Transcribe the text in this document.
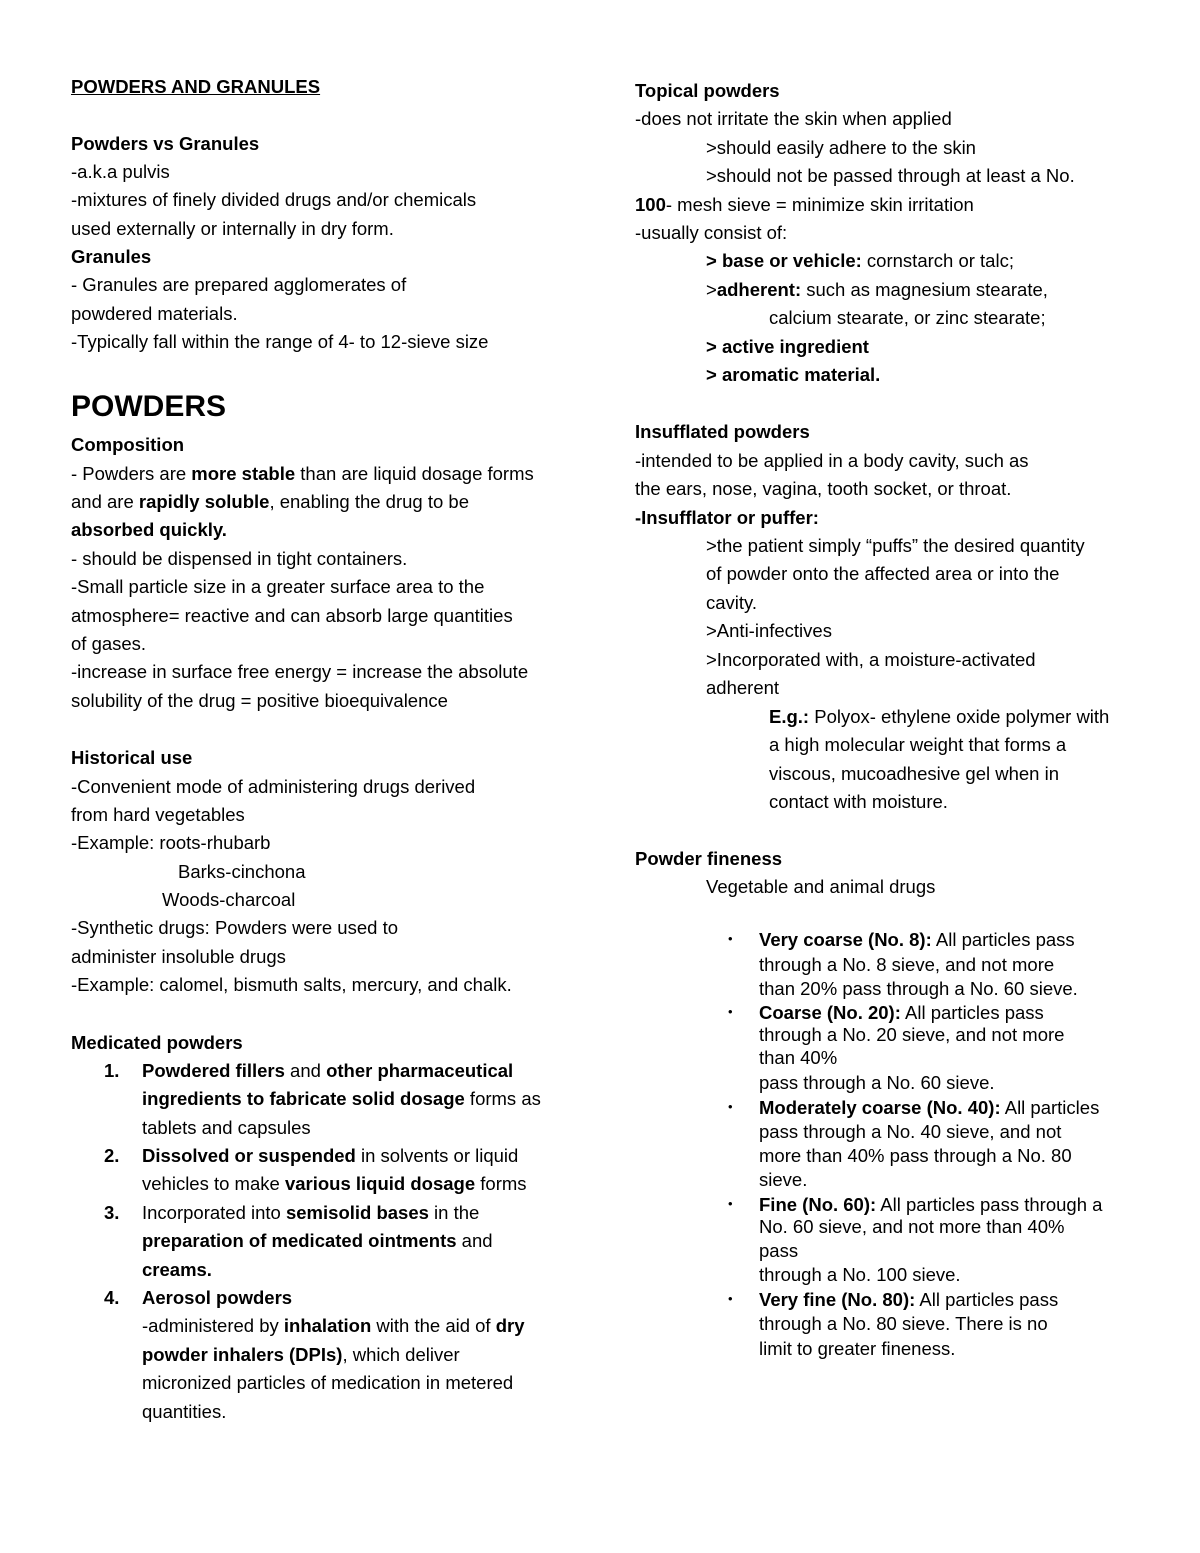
POWDERS AND GRANULES
Powders vs Granules
-a.k.a pulvis
-mixtures of finely divided drugs and/or chemicals
used externally or internally in dry form.
Granules
- Granules are prepared agglomerates of
powdered materials.
-Typically fall within the range of 4- to 12-sieve size
POWDERS
Composition
- Powders are more stable than are liquid dosage forms
and are rapidly soluble, enabling the drug to be
absorbed quickly.
- should be dispensed in tight containers.
-Small particle size in a greater surface area to the
atmosphere= reactive and can absorb large quantities
of gases.
-increase in surface free energy = increase the absolute
solubility of the drug = positive bioequivalence
Historical use
-Convenient mode of administering drugs derived
from hard vegetables
-Example: roots-rhubarb
Barks-cinchona
Woods-charcoal
-Synthetic drugs: Powders were used to
administer insoluble drugs
-Example: calomel, bismuth salts, mercury, and chalk.
Medicated powders
1. Powdered fillers and other pharmaceutical
ingredients to fabricate solid dosage forms as
tablets and capsules
2. Dissolved or suspended in solvents or liquid
vehicles to make various liquid dosage forms
3. Incorporated into semisolid bases in the
preparation of medicated ointments and
creams.
4. Aerosol powders
-administered by inhalation with the aid of dry
powder inhalers (DPIs), which deliver
micronized particles of medication in metered
quantities.
Topical powders
-does not irritate the skin when applied
>should easily adhere to the skin
>should not be passed through at least a No.
100- mesh sieve = minimize skin irritation
-usually consist of:
> base or vehicle: cornstarch or talc;
>adherent: such as magnesium stearate,
calcium stearate, or zinc stearate;
> active ingredient
> aromatic material.
Insufflated powders
-intended to be applied in a body cavity, such as
the ears, nose, vagina, tooth socket, or throat.
-Insufflator or puffer:
>the patient simply “puffs” the desired quantity
of powder onto the affected area or into the
cavity.
>Anti-infectives
>Incorporated with, a moisture-activated
adherent
E.g.: Polyox- ethylene oxide polymer with
a high molecular weight that forms a
viscous, mucoadhesive gel when in
contact with moisture.
Powder fineness
Vegetable and animal drugs
• Very coarse (No. 8): All particles pass
through a No. 8 sieve, and not more
than 20% pass through a No. 60 sieve.
• Coarse (No. 20): All particles pass
through a No. 20 sieve, and not more
than 40%
pass through a No. 60 sieve.
• Moderately coarse (No. 40): All particles
pass through a No. 40 sieve, and not
more than 40% pass through a No. 80
sieve.
• Fine (No. 60): All particles pass through a
No. 60 sieve, and not more than 40%
pass
through a No. 100 sieve.
• Very fine (No. 80): All particles pass
through a No. 80 sieve. There is no
limit to greater fineness.
